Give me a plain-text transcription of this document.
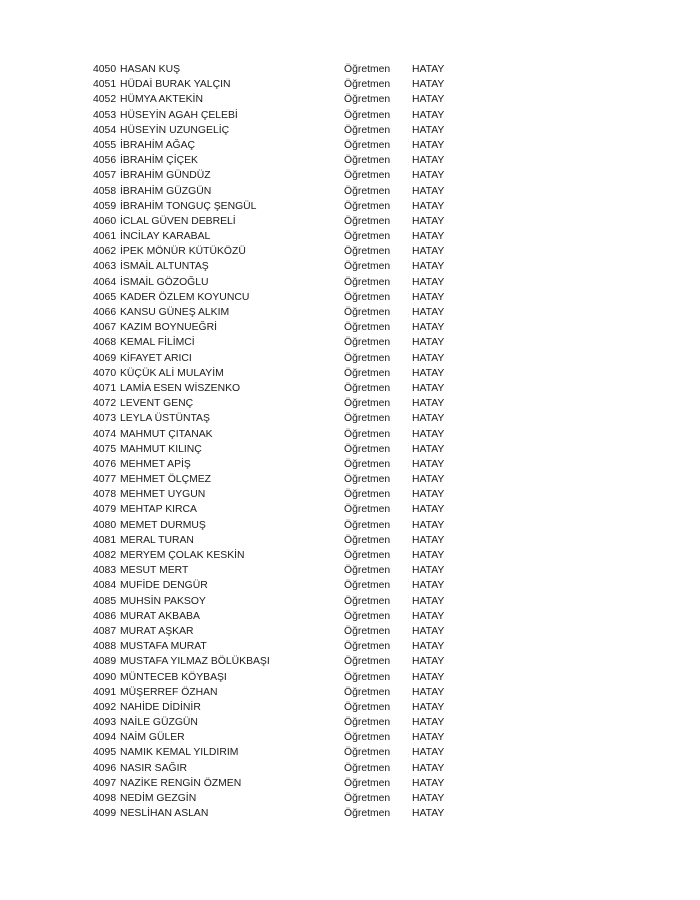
4050 HASAN KUŞ	Öğretmen	HATAY
4051 HÜDAİ BURAK YALÇIN	Öğretmen	HATAY
4052 HÜMYA AKTEKİN	Öğretmen	HATAY
4053 HÜSEYİN AGAH ÇELEBİ	Öğretmen	HATAY
4054 HÜSEYİN UZUNGELİÇ	Öğretmen	HATAY
4055 İBRAHİM AĞAÇ	Öğretmen	HATAY
4056 İBRAHİM ÇİÇEK	Öğretmen	HATAY
4057 İBRAHİM GÜNDÜZ	Öğretmen	HATAY
4058 İBRAHİM GÜZGÜN	Öğretmen	HATAY
4059 İBRAHİM TONGUÇ ŞENGÜL	Öğretmen	HATAY
4060 İCLAL GÜVEN DEBRELİ	Öğretmen	HATAY
4061 İNCİLAY KARABAL	Öğretmen	HATAY
4062 İPEK MÖNÜR KÜTÜKÖZÜ	Öğretmen	HATAY
4063 İSMAİL ALTUNTAŞ	Öğretmen	HATAY
4064 İSMAİL GÖZOĞLU	Öğretmen	HATAY
4065 KADER ÖZLEM KOYUNCU	Öğretmen	HATAY
4066 KANSU GÜNEŞ ALKIM	Öğretmen	HATAY
4067 KAZIM BOYNUEĞRİ	Öğretmen	HATAY
4068 KEMAL FİLİMCİ	Öğretmen	HATAY
4069 KİFAYET ARICI	Öğretmen	HATAY
4070 KÜÇÜK ALİ MULAYİM	Öğretmen	HATAY
4071 LAMİA ESEN WİSZENKO	Öğretmen	HATAY
4072 LEVENT GENÇ	Öğretmen	HATAY
4073 LEYLA ÜSTÜNTAŞ	Öğretmen	HATAY
4074 MAHMUT ÇITANAK	Öğretmen	HATAY
4075 MAHMUT KILINÇ	Öğretmen	HATAY
4076 MEHMET APİŞ	Öğretmen	HATAY
4077 MEHMET ÖLÇMEZ	Öğretmen	HATAY
4078 MEHMET UYGUN	Öğretmen	HATAY
4079 MEHTAP KIRCA	Öğretmen	HATAY
4080 MEMET DURMUŞ	Öğretmen	HATAY
4081 MERAL TURAN	Öğretmen	HATAY
4082 MERYEM ÇOLAK KESKİN	Öğretmen	HATAY
4083 MESUT MERT	Öğretmen	HATAY
4084 MUFİDE DENGÜR	Öğretmen	HATAY
4085 MUHSİN PAKSOY	Öğretmen	HATAY
4086 MURAT AKBABA	Öğretmen	HATAY
4087 MURAT AŞKAR	Öğretmen	HATAY
4088 MUSTAFA MURAT	Öğretmen	HATAY
4089 MUSTAFA YILMAZ BÖLÜKBAŞI	Öğretmen	HATAY
4090 MÜNTECEB KÖYBAŞI	Öğretmen	HATAY
4091 MÜŞERREF ÖZHAN	Öğretmen	HATAY
4092 NAHİDE DİDİNİR	Öğretmen	HATAY
4093 NAİLE GÜZGÜN	Öğretmen	HATAY
4094 NAİM GÜLER	Öğretmen	HATAY
4095 NAMIK KEMAL YILDIRIM	Öğretmen	HATAY
4096 NASIR SAĞIR	Öğretmen	HATAY
4097 NAZİKE RENGİN ÖZMEN	Öğretmen	HATAY
4098 NEDİM GEZGİN	Öğretmen	HATAY
4099 NESLİHAN ASLAN	Öğretmen	HATAY
